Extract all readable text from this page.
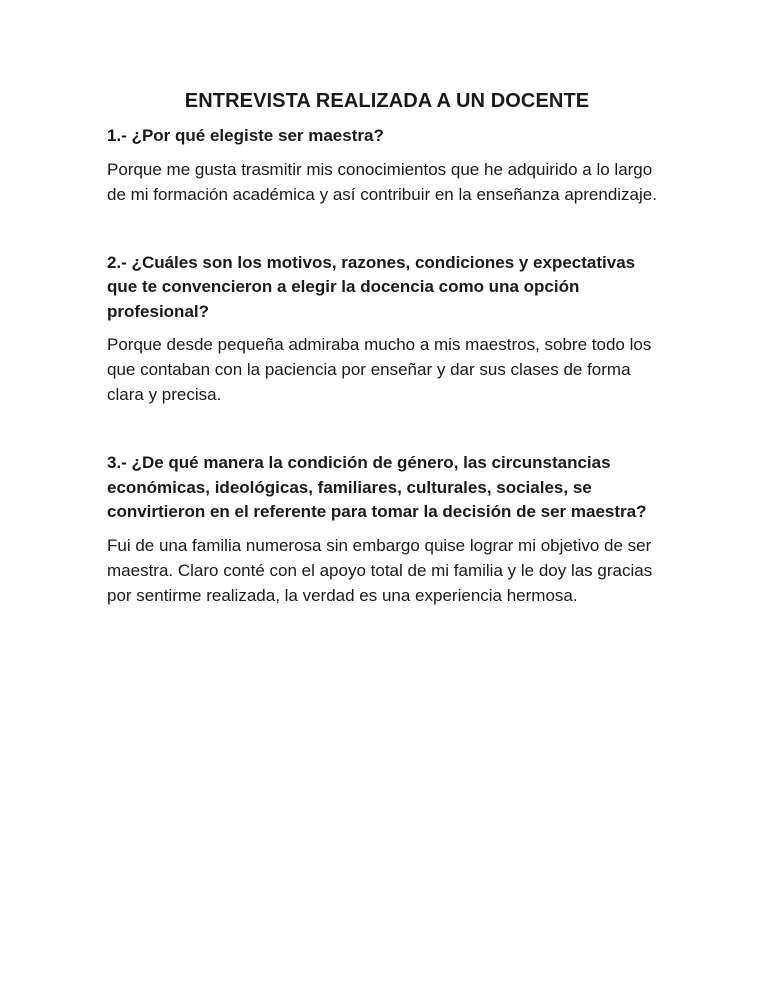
ENTREVISTA REALIZADA A UN DOCENTE

1.- ¿Por qué elegiste ser maestra?

Porque me gusta trasmitir mis conocimientos que he adquirido a lo largo de mi formación académica y así contribuir en la enseñanza aprendizaje.

2.- ¿Cuáles son los motivos, razones, condiciones y expectativas que te convencieron a elegir la docencia como una opción profesional?

Porque desde pequeña admiraba mucho a mis maestros, sobre todo los que contaban con la paciencia por enseñar y dar sus clases de forma clara y precisa.

3.- ¿De qué manera la condición de género, las circunstancias económicas, ideológicas, familiares, culturales, sociales, se convirtieron en el referente para tomar la decisión de ser maestra?

Fui de una familia numerosa sin embargo quise lograr mi objetivo de ser maestra. Claro conté con el apoyo total de mi familia y le doy las gracias por sentirme realizada, la verdad es una experiencia hermosa.
